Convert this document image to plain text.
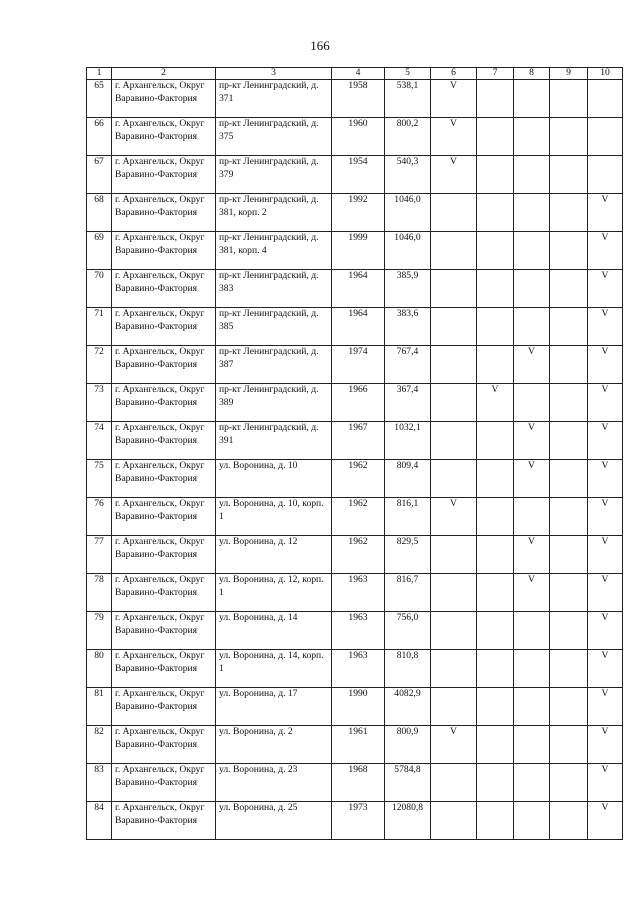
166
1	2	3	4	5	6	7	8	9	10
65	г. Архангельск, Округ Варавино-Фактория	пр-кт Ленинградский, д. 371	1958	538,1	V				
66	г. Архангельск, Округ Варавино-Фактория	пр-кт Ленинградский, д. 375	1960	800,2	V				
67	г. Архангельск, Округ Варавино-Фактория	пр-кт Ленинградский, д. 379	1954	540,3	V				
68	г. Архангельск, Округ Варавино-Фактория	пр-кт Ленинградский, д. 381, корп. 2	1992	1046,0					V
69	г. Архангельск, Округ Варавино-Фактория	пр-кт Ленинградский, д. 381, корп. 4	1999	1046,0					V
70	г. Архангельск, Округ Варавино-Фактория	пр-кт Ленинградский, д. 383	1964	385,9					V
71	г. Архангельск, Округ Варавино-Фактория	пр-кт Ленинградский, д. 385	1964	383,6					V
72	г. Архангельск, Округ Варавино-Фактория	пр-кт Ленинградский, д. 387	1974	767,4			V		V
73	г. Архангельск, Округ Варавино-Фактория	пр-кт Ленинградский, д. 389	1966	367,4		V			V
74	г. Архангельск, Округ Варавино-Фактория	пр-кт Ленинградский, д. 391	1967	1032,1			V		V
75	г. Архангельск, Округ Варавино-Фактория	ул. Воронина, д. 10	1962	809,4			V		V
76	г. Архангельск, Округ Варавино-Фактория	ул. Воронина, д. 10, корп. 1	1962	816,1	V				V
77	г. Архангельск, Округ Варавино-Фактория	ул. Воронина, д. 12	1962	829,5			V		V
78	г. Архангельск, Округ Варавино-Фактория	ул. Воронина, д. 12, корп. 1	1963	816,7			V		V
79	г. Архангельск, Округ Варавино-Фактория	ул. Воронина, д. 14	1963	756,0					V
80	г. Архангельск, Округ Варавино-Фактория	ул. Воронина, д. 14, корп. 1	1963	810,8					V
81	г. Архангельск, Округ Варавино-Фактория	ул. Воронина, д. 17	1990	4082,9					V
82	г. Архангельск, Округ Варавино-Фактория	ул. Воронина, д. 2	1961	800,9	V				V
83	г. Архангельск, Округ Варавино-Фактория	ул. Воронина, д. 23	1968	5784,8					V
84	г. Архангельск, Округ Варавино-Фактория	ул. Воронина, д. 25	1973	12080,8					V
